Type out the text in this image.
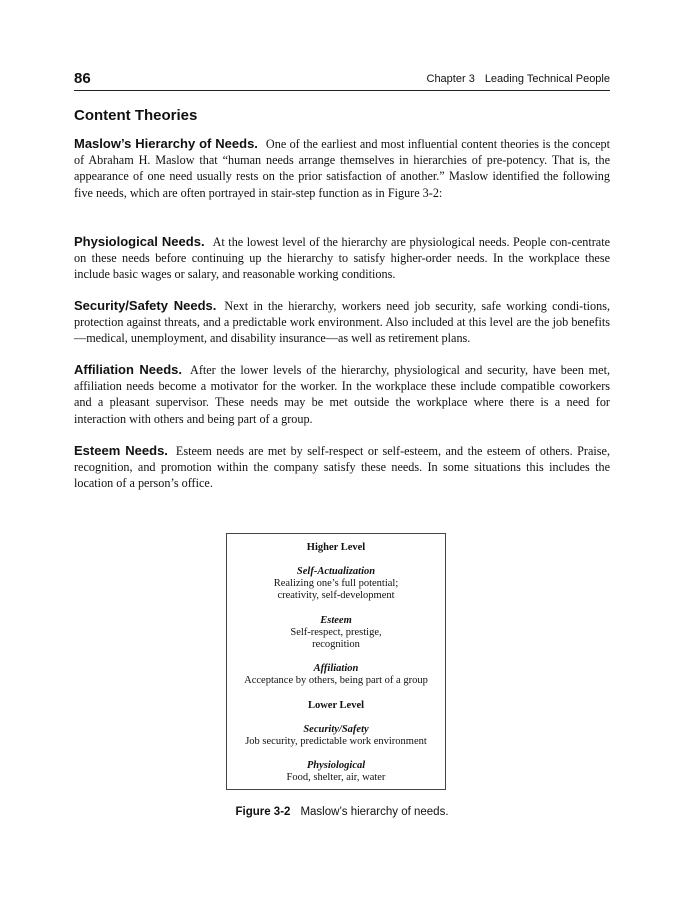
86	Chapter 3 Leading Technical People
Content Theories

Maslow’s Hierarchy of Needs. One of the earliest and most influential content theories is the concept of Abraham H. Maslow that “human needs arrange themselves in hierarchies of pre-potency. That is, the appearance of one need usually rests on the prior satisfaction of another.” Maslow identified the following five needs, which are often portrayed in stair-step function as in Figure 3-2:

Physiological Needs. At the lowest level of the hierarchy are physiological needs. People con-centrate on these needs before continuing up the hierarchy to satisfy higher-order needs. In the workplace these include basic wages or salary, and reasonable working conditions.

Security/Safety Needs. Next in the hierarchy, workers need job security, safe working condi-tions, protection against threats, and a predictable work environment. Also included at this level are the job benefits—medical, unemployment, and disability insurance—as well as retirement plans.

Affiliation Needs. After the lower levels of the hierarchy, physiological and security, have been met, affiliation needs become a motivator for the worker. In the workplace these include compatible coworkers and a pleasant supervisor. These needs may be met outside the workplace where there is a need for interaction with others and being part of a group.

Esteem Needs. Esteem needs are met by self-respect or self-esteem, and the esteem of others. Praise, recognition, and promotion within the company satisfy these needs. In some situations this includes the location of a person’s office.

Higher Level
Self-Actualization
Realizing one’s full potential;
creativity, self-development
Esteem
Self-respect, prestige,
recognition
Affiliation
Acceptance by others, being part of a group
Lower Level
Security/Safety
Job security, predictable work environment
Physiological
Food, shelter, air, water
Figure 3-2 Maslow’s hierarchy of needs.
